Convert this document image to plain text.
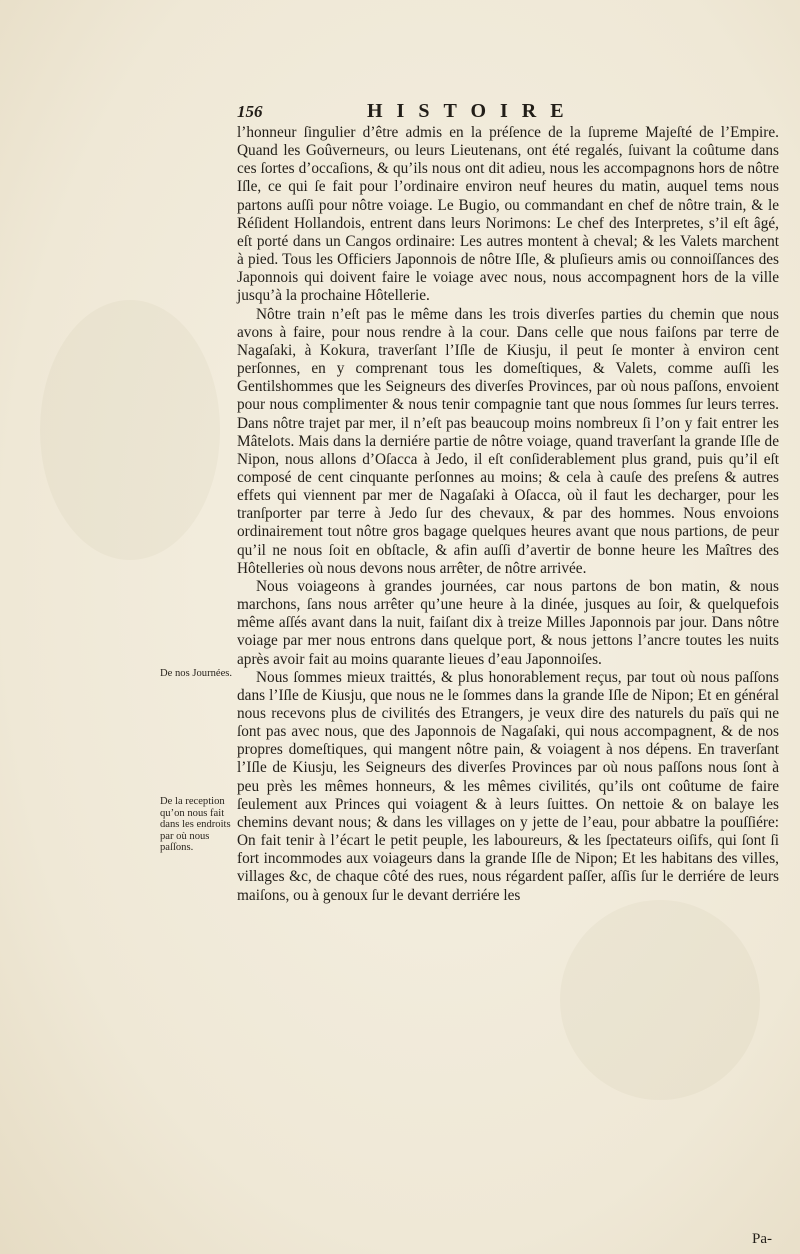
156	HISTOIRE

l’honneur ſingulier d’être admis en la préſence de la ſupreme Majeſté de l’Empire. Quand les Goûverneurs, ou leurs Lieutenans, ont été regalés, ſuivant la coûtume dans ces ſortes d’occaſions, & qu’ils nous ont dit adieu, nous les accompagnons hors de nôtre Iſle, ce qui ſe fait pour l’ordinaire environ neuf heures du matin, auquel tems nous partons auſſi pour nôtre voiage. Le Bugio, ou commandant en chef de nôtre train, & le Réſident Hollandois, entrent dans leurs Norimons: Le chef des Interpretes, s’il eſt âgé, eſt porté dans un Cangos ordinaire: Les autres montent à cheval; & les Valets marchent à pied. Tous les Officiers Japonnois de nôtre Iſle, & pluſieurs amis ou connoiſſances des Japonnois qui doivent faire le voiage avec nous, nous accompagnent hors de la ville jusqu’à la prochaine Hôtellerie.

Nôtre train n’eſt pas le même dans les trois diverſes parties du chemin que nous avons à faire, pour nous rendre à la cour. Dans celle que nous faiſons par terre de Nagaſaki, à Kokura, traverſant l’Iſle de Kiusju, il peut ſe monter à environ cent perſonnes, en y comprenant tous les domeſtiques, & Valets, comme auſſi les Gentilshommes que les Seigneurs des diverſes Provinces, par où nous paſſons, envoient pour nous complimenter & nous tenir compagnie tant que nous ſommes ſur leurs terres. Dans nôtre trajet par mer, il n’eſt pas beaucoup moins nombreux ſi l’on y fait entrer les Mâtelots. Mais dans la derniére partie de nôtre voiage, quand traverſant la grande Iſle de Nipon, nous allons d’Oſacca à Jedo, il eſt conſiderablement plus grand, puis qu’il eſt composé de cent cinquante perſonnes au moins; & cela à cauſe des preſens & autres effets qui viennent par mer de Nagaſaki à Oſacca, où il faut les decharger, pour les tranſporter par terre à Jedo ſur des chevaux, & par des hommes. Nous envoions ordinairement tout nôtre gros bagage quelques heures avant que nous partions, de peur qu’il ne nous ſoit en obſtacle, & afin auſſi d’avertir de bonne heure les Maîtres des Hôtelleries où nous devons nous arrêter, de nôtre arrivée.

Nous voiageons à grandes journées, car nous partons de bon matin, & nous marchons, ſans nous arrêter qu’une heure à la dinée, jusques au ſoir, & quelquefois même aſſés avant dans la nuit, faiſant dix à treize Milles Japonnois par jour. Dans nôtre voiage par mer nous entrons dans quelque port, & nous jettons l’ancre toutes les nuits après avoir fait au moins quarante lieues d’eau Japonnoiſes.

Nous ſommes mieux traittés, & plus honorablement reçus, par tout où nous paſſons dans l’Iſle de Kiusju, que nous ne le ſommes dans la grande Iſle de Nipon; Et en général nous recevons plus de civilités des Etrangers, je veux dire des naturels du païs qui ne ſont pas avec nous, que des Japonnois de Nagaſaki, qui nous accompagnent, & de nos propres domeſtiques, qui mangent nôtre pain, & voiagent à nos dépens. En traverſant l’Iſle de Kiusju, les Seigneurs des diverſes Provinces par où nous paſſons nous ſont à peu près les mêmes honneurs, & les mêmes civilités, qu’ils ont coûtume de faire ſeulement aux Princes qui voiagent & à leurs ſuittes. On nettoie & on balaye les chemins devant nous; & dans les villages on y jette de l’eau, pour abbatre la pouſſiére: On fait tenir à l’écart le petit peuple, les laboureurs, & les ſpectateurs oiſifs, qui ſont ſi fort incommodes aux voiageurs dans la grande Iſle de Nipon; Et les habitans des villes, villages &c, de chaque côté des rues, nous régardent paſſer, aſſis ſur le derriére de leurs maiſons, ou à genoux ſur le devant derriére les

De nos Journées.
De la reception qu’on nous fait dans les endroits par où nous paſſons.
Pa-
